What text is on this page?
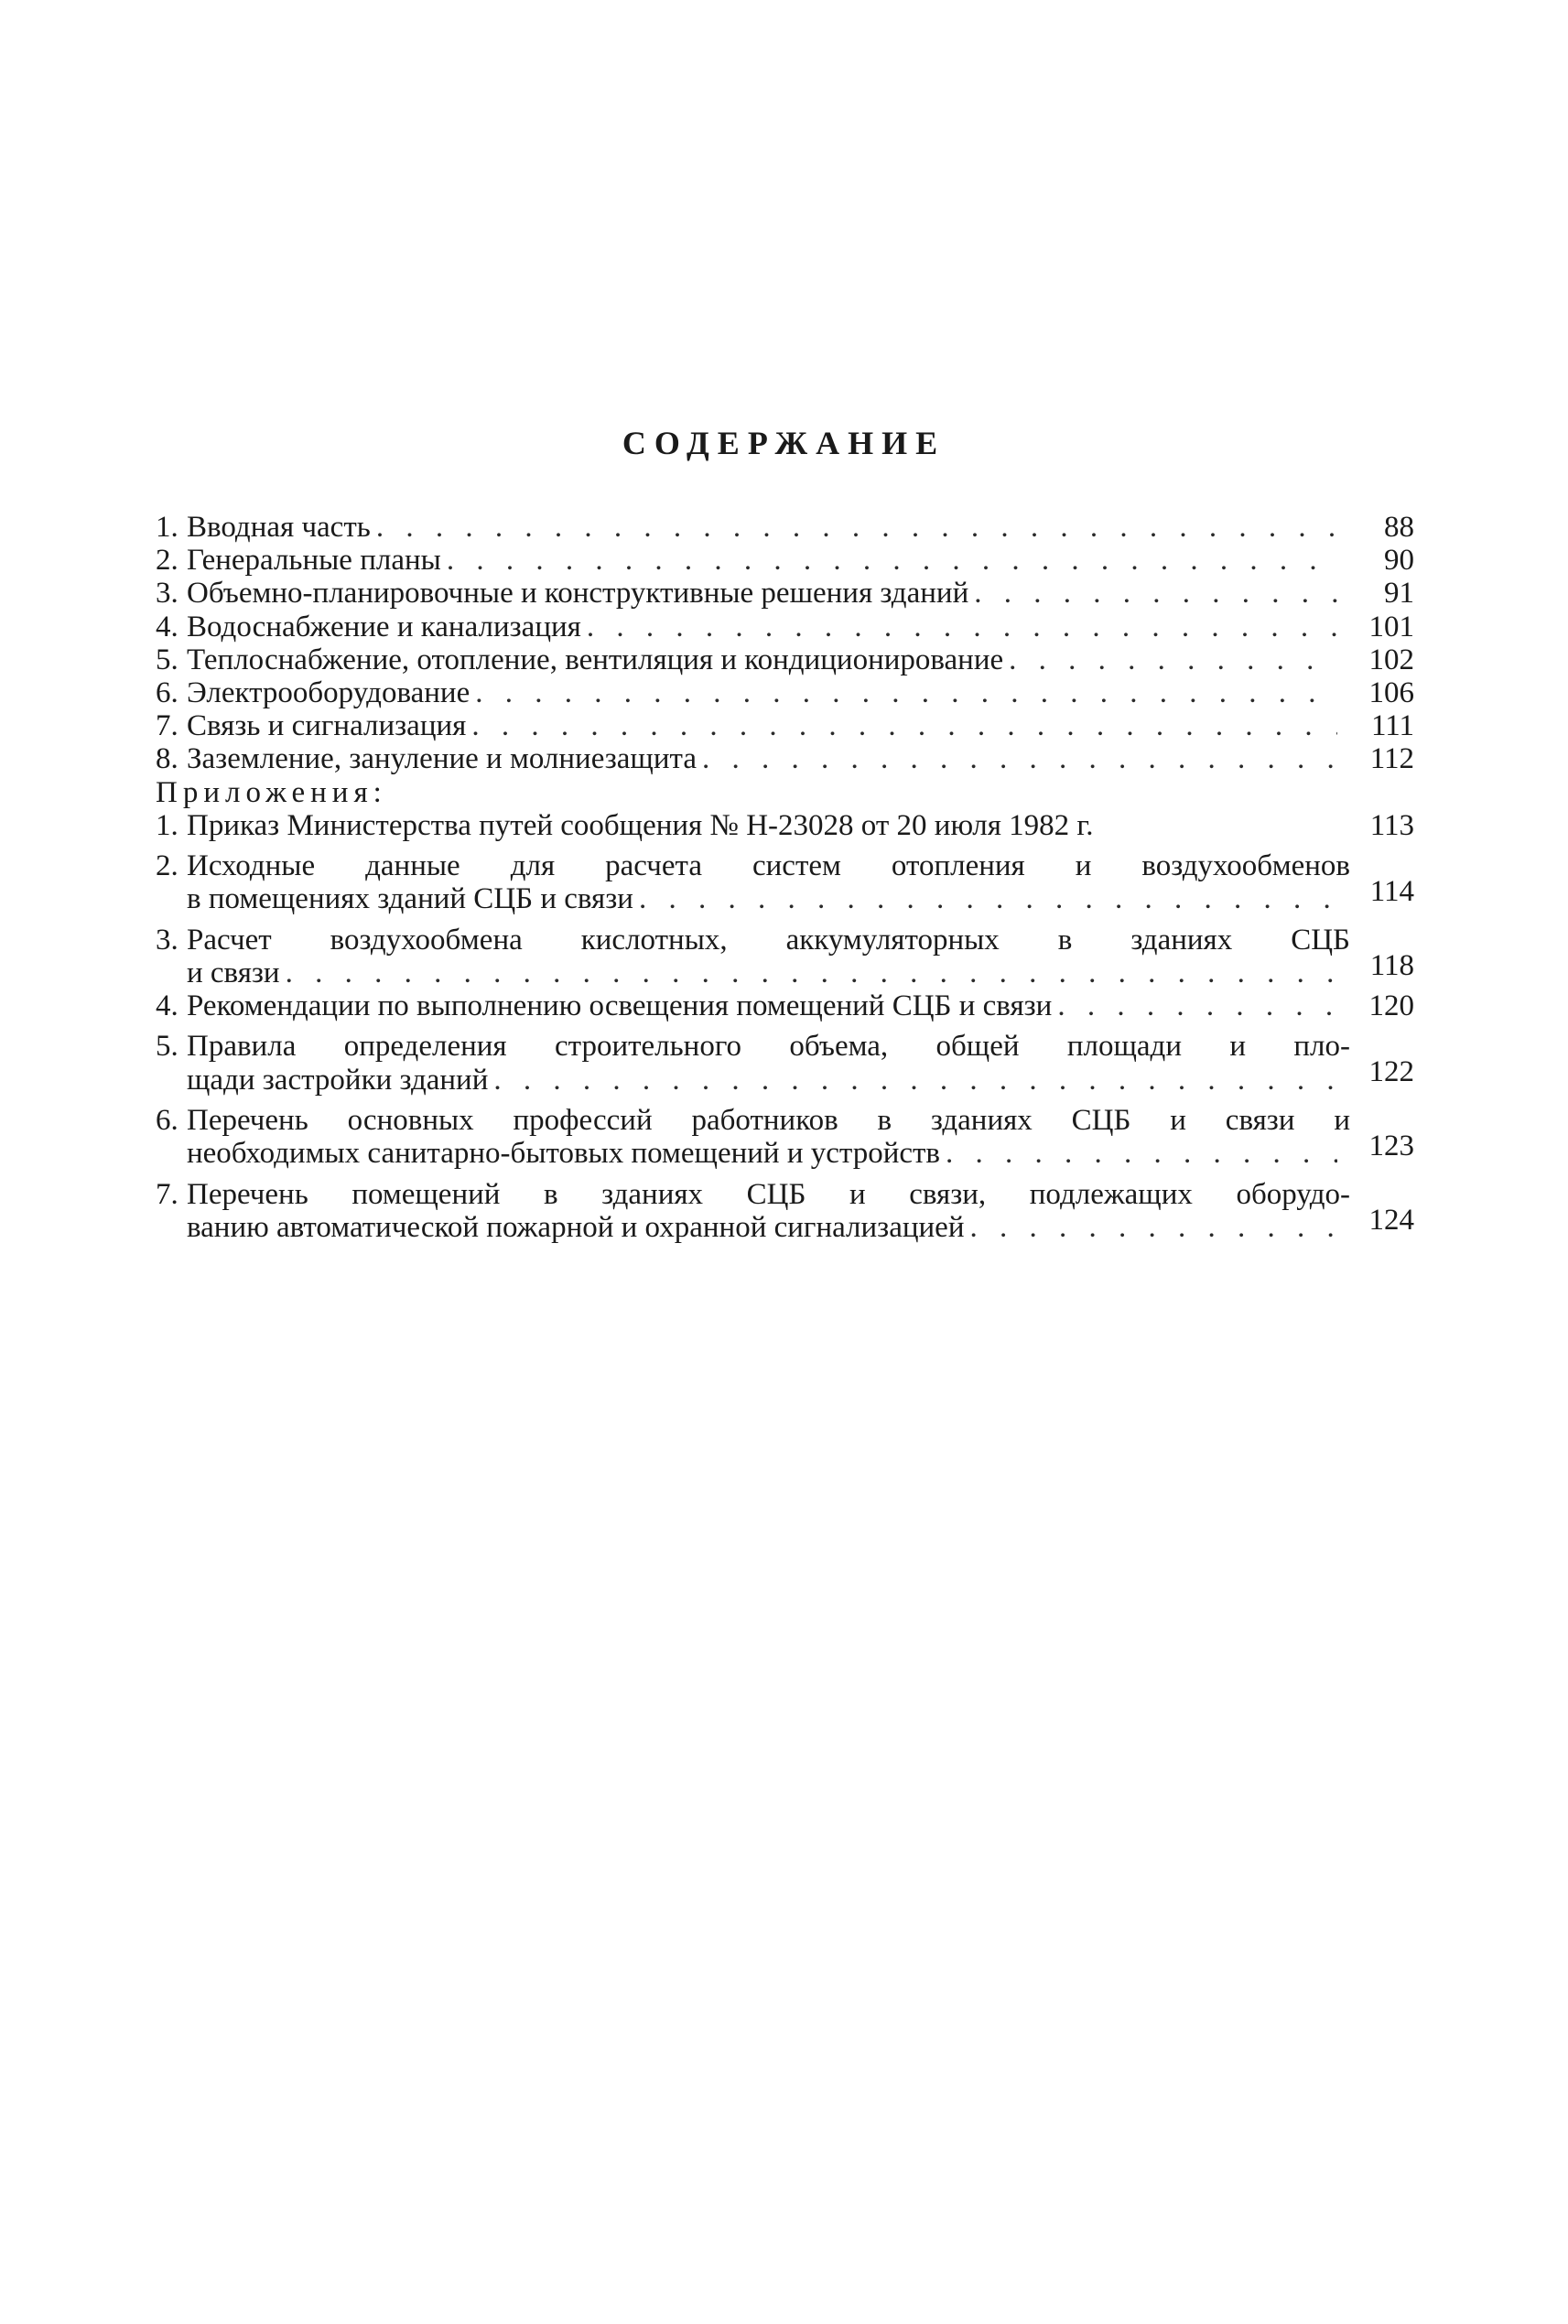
СОДЕРЖАНИЕ
1. Вводная часть . . .	88
2. Генеральные планы . . .	90
3. Объемно-планировочные и конструктивные решения зданий . . .	91
4. Водоснабжение и канализация . . .	101
5. Теплоснабжение, отопление, вентиляция и кондиционирование . . .	102
6. Электрооборудование . . .	106
7. Связь и сигнализация . . .	111
8. Заземление, зануление и молниезащита . . .	112
Приложения:
1. Приказ Министерства путей сообщения № Н-23028 от 20 июля 1982 г.	113
2. Исходные данные для расчета систем отопления и воздухообменов
в помещениях зданий СЦБ и связи . . .	114
3. Расчет воздухообмена кислотных, аккумуляторных в зданиях СЦБ
и связи . . .	118
4. Рекомендации по выполнению освещения помещений СЦБ и связи . . .	120
5. Правила определения строительного объема, общей площади и пло-
щади застройки зданий . . .	122
6. Перечень основных профессий работников в зданиях СЦБ и связи и
необходимых санитарно-бытовых помещений и устройств . . .	123
7. Перечень помещений в зданиях СЦБ и связи, подлежащих оборудо-
ванию автоматической пожарной и охранной сигнализацией . . .	124
